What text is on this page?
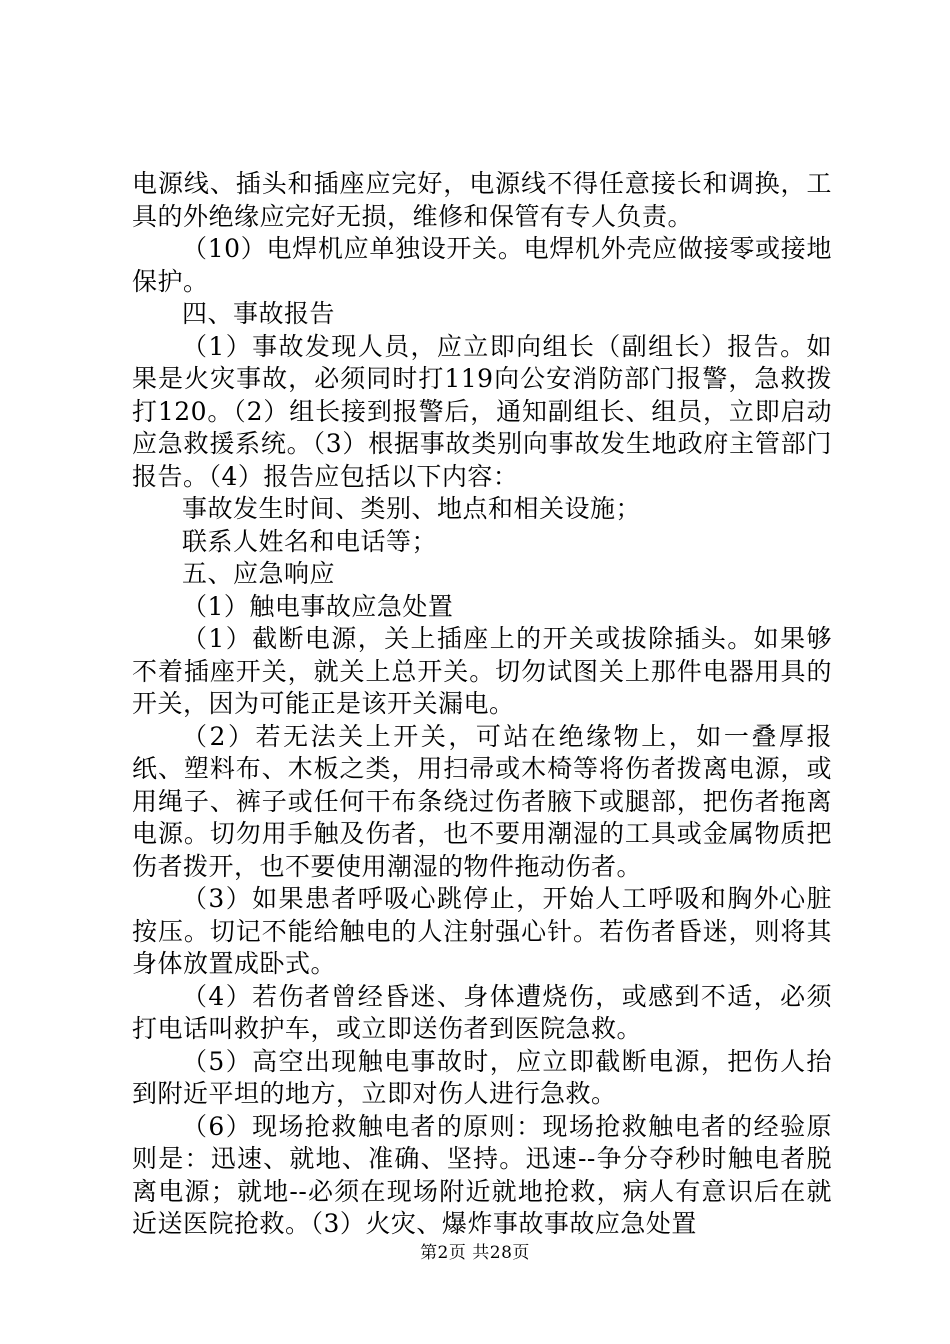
电源线、插头和插座应完好，电源线不得任意接长和调换，工具的外绝缘应完好无损，维修和保管有专人负责。

（10）电焊机应单独设开关。电焊机外壳应做接零或接地保护。

四、事故报告

（1）事故发现人员，应立即向组长（副组长）报告。如果是火灾事故，必须同时打119向公安消防部门报警，急救拨打120。（2）组长接到报警后，通知副组长、组员，立即启动应急救援系统。（3）根据事故类别向事故发生地政府主管部门报告。（4）报告应包括以下内容：

事故发生时间、类别、地点和相关设施；

联系人姓名和电话等；

五、应急响应

（1）触电事故应急处置

（1）截断电源，关上插座上的开关或拔除插头。如果够不着插座开关，就关上总开关。切勿试图关上那件电器用具的开关，因为可能正是该开关漏电。

（2）若无法关上开关，可站在绝缘物上，如一叠厚报纸、塑料布、木板之类，用扫帚或木椅等将伤者拨离电源，或用绳子、裤子或任何干布条绕过伤者腋下或腿部，把伤者拖离电源。切勿用手触及伤者，也不要用潮湿的工具或金属物质把伤者拨开，也不要使用潮湿的物件拖动伤者。

（3）如果患者呼吸心跳停止，开始人工呼吸和胸外心脏按压。切记不能给触电的人注射强心针。若伤者昏迷，则将其身体放置成卧式。

（4）若伤者曾经昏迷、身体遭烧伤，或感到不适，必须打电话叫救护车，或立即送伤者到医院急救。

（5）高空出现触电事故时，应立即截断电源，把伤人抬到附近平坦的地方，立即对伤人进行急救。

（6）现场抢救触电者的原则：现场抢救触电者的经验原则是：迅速、就地、准确、坚持。迅速--争分夺秒时触电者脱离电源；就地--必须在现场附近就地抢救，病人有意识后在就近送医院抢救。（3）火灾、爆炸事故事故应急处置

第2页 共28页
